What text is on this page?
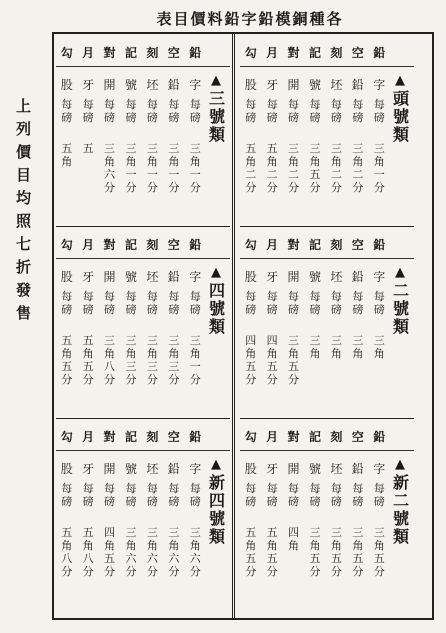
表目價料鉛字鉛模銅種各
上列價目均照七折發售
鉛
空
刻
記
對
月
勾
字
每磅
三角一分
鉛
每磅
三角二分
坯
每磅
三角二分
號
每磅
三角五分
開
每磅
三角二分
牙
每磅
五角二分
股
每磅
五角二分
▲
頭號類
鉛
空
刻
記
對
月
勾
字
每磅
三角一分
鉛
每磅
三角一分
坯
每磅
三角一分
號
每磅
三角一分
開
每磅
三角六分
牙
每磅
五
股
每磅
五角
▲
三號類
鉛
空
刻
記
對
月
勾
字
每磅
三角
鉛
每磅
三角
坯
每磅
三角
號
每磅
三角
開
每磅
三角五分
牙
每磅
四角五分
股
每磅
四角五分
▲
二號類
鉛
空
刻
記
對
月
勾
字
每磅
三角一分
鉛
每磅
三角三分
坯
每磅
三角三分
號
每磅
三角三分
開
每磅
三角八分
牙
每磅
五角五分
股
每磅
五角五分
▲
四號類
鉛
空
刻
記
對
月
勾
字
每磅
三角五分
鉛
每磅
三角五分
坯
每磅
三角五分
號
每磅
三角五分
開
每磅
四角
牙
每磅
五角五分
股
每磅
五角五分
▲
新二號類
鉛
空
刻
記
對
月
勾
字
每磅
三角六分
鉛
每磅
三角六分
坯
每磅
三角六分
號
每磅
三角六分
開
每磅
四角五分
牙
每磅
五角八分
股
每磅
五角八分
▲
新四號類
